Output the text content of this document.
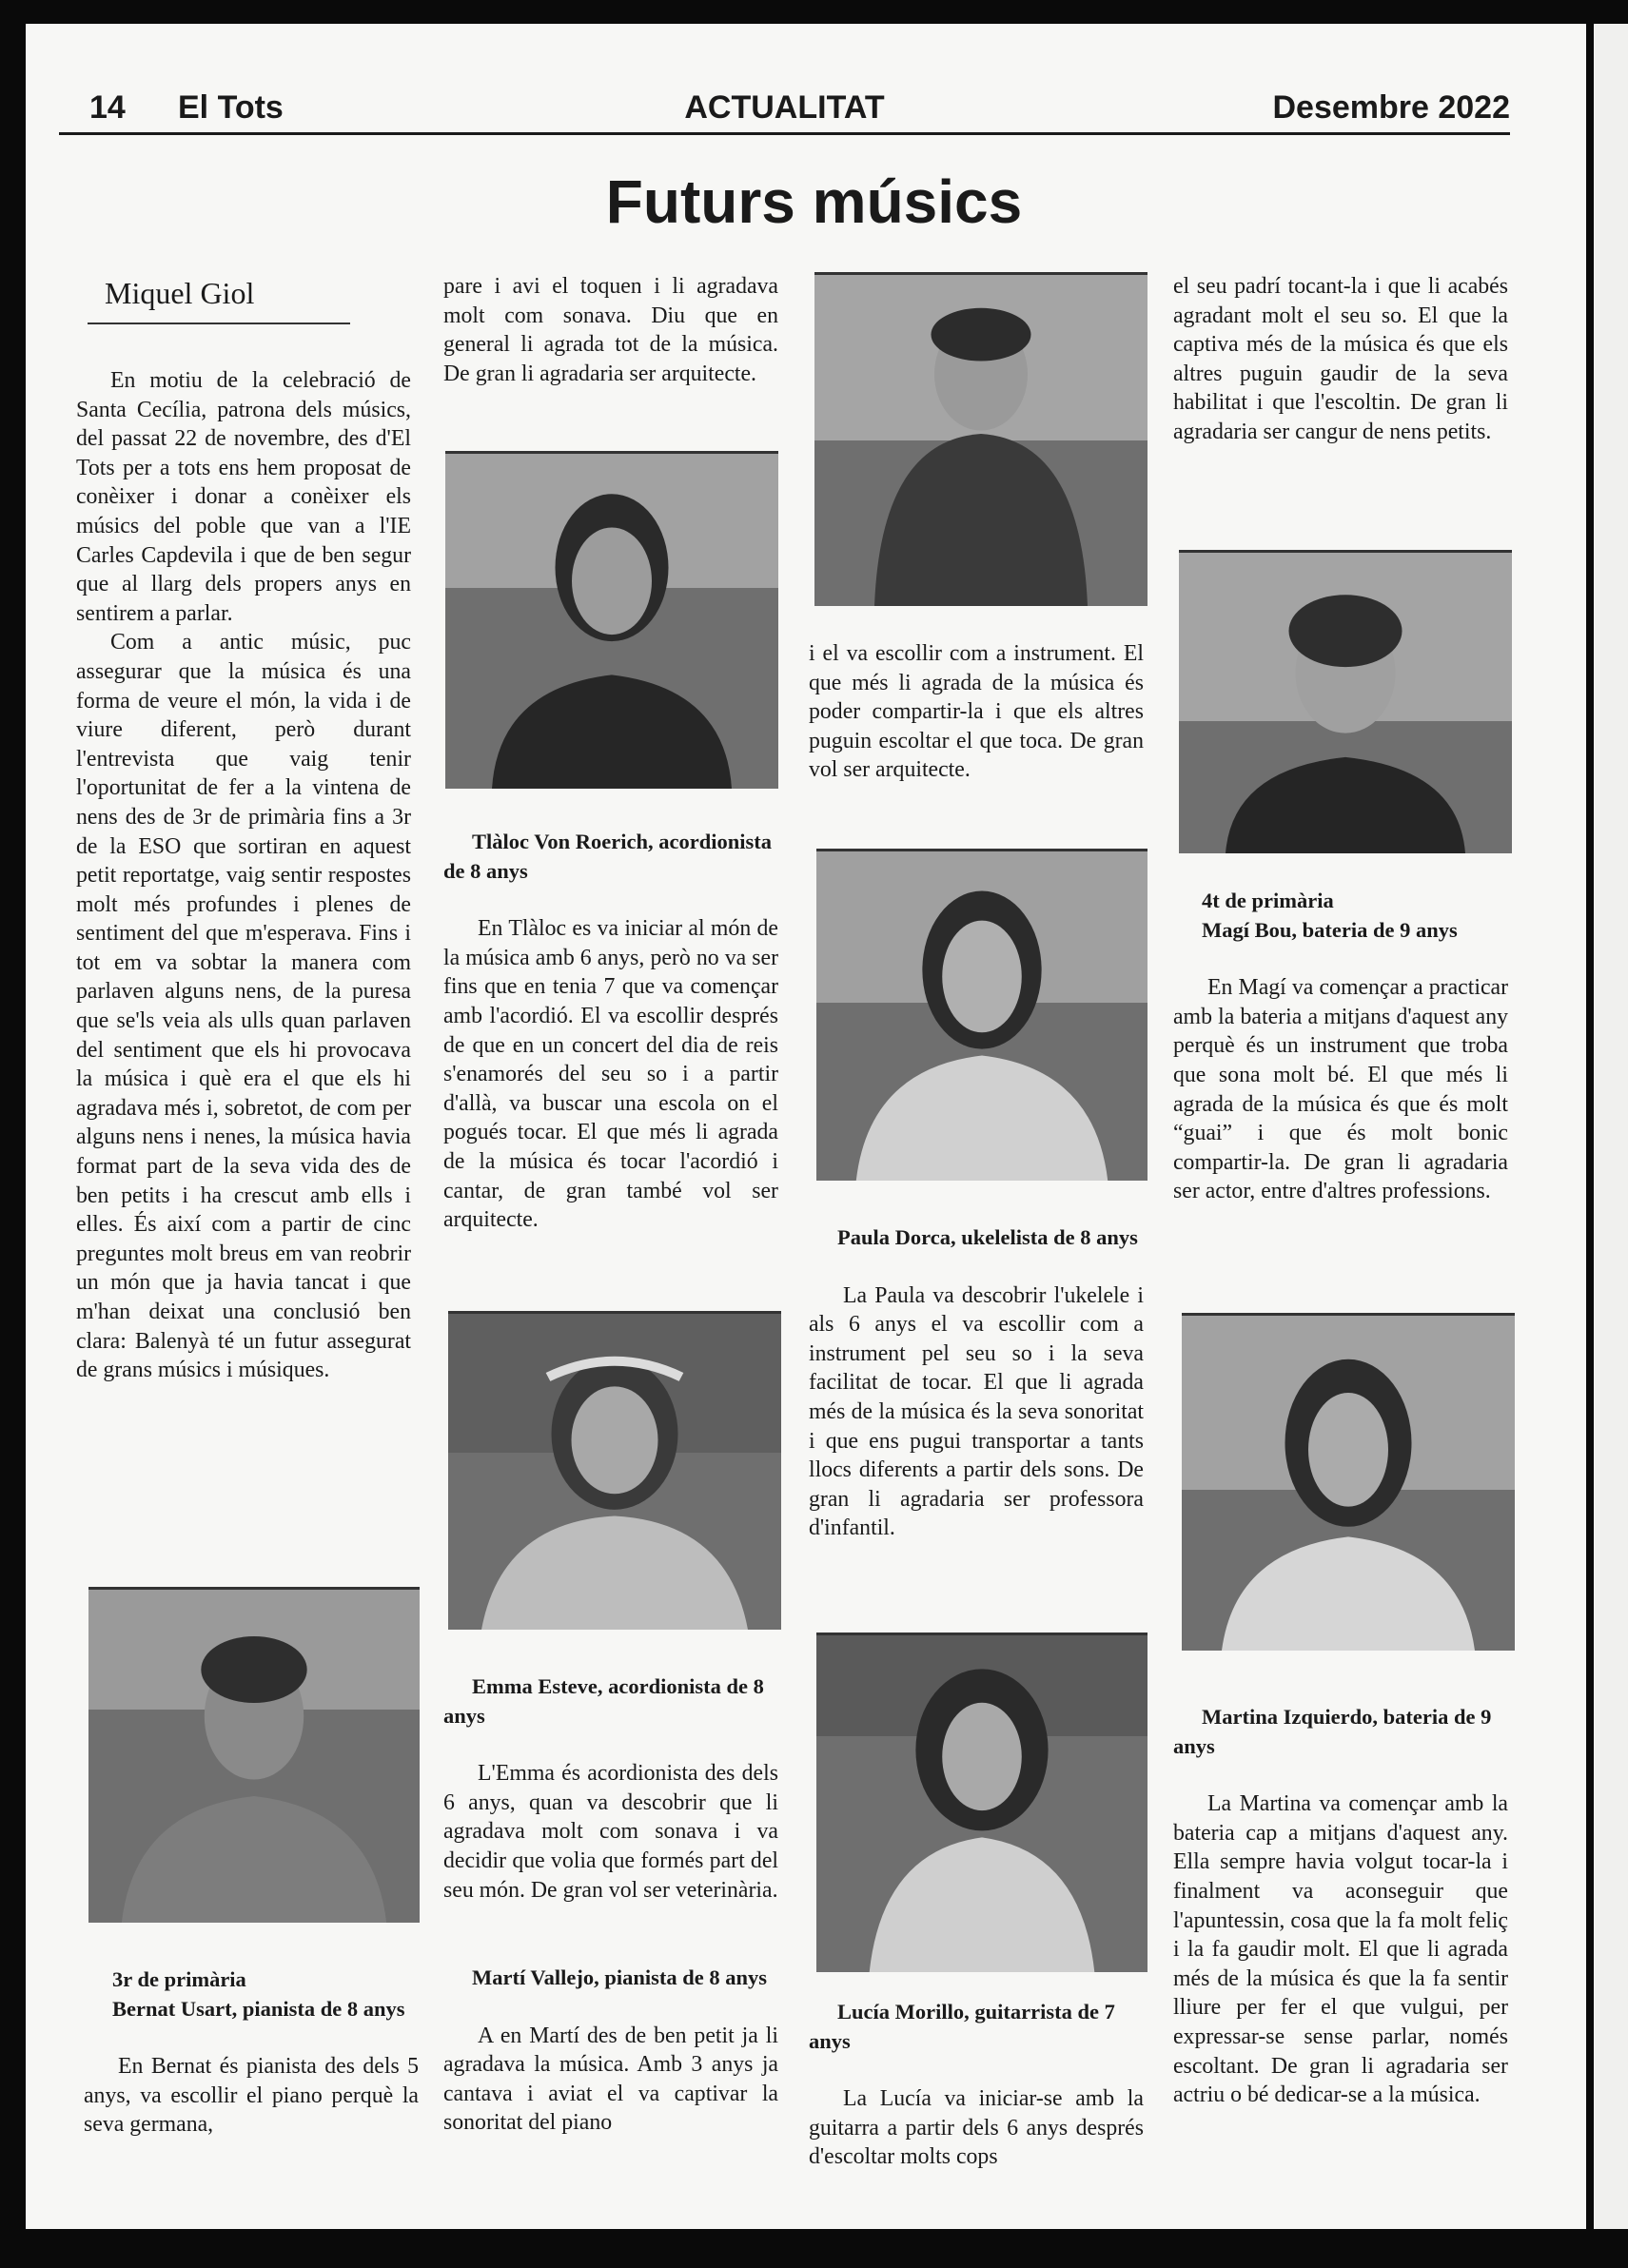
14 El Tots	ACTUALITAT	Desembre 2022
Futurs músics
Miquel Giol

En motiu de la celebració de Santa Cecília, patrona dels músics, del passat 22 de novembre, des d'El Tots per a tots ens hem proposat de conèixer i donar a conèixer els músics del poble que van a l'IE Carles Capdevila i que de ben segur que al llarg dels propers anys en sentirem a parlar.

Com a antic músic, puc assegurar que la música és una forma de veure el món, la vida i de viure diferent, però durant l'entrevista que vaig tenir l'oportunitat de fer a la vintena de nens des de 3r de primària fins a 3r de la ESO que sortiran en aquest petit reportatge, vaig sentir respostes molt més profundes i plenes de sentiment del que m'esperava. Fins i tot em va sobtar la manera com parlaven alguns nens, de la puresa que se'ls veia als ulls quan parlaven del sentiment que els hi provocava la música i què era el que els hi agradava més i, sobretot, de com per alguns nens i nenes, la música havia format part de la seva vida des de ben petits i ha crescut amb ells i elles. És així com a partir de cinc preguntes molt breus em van reobrir un món que ja havia tancat i que m'han deixat una conclusió ben clara: Balenyà té un futur assegurat de grans músics i músiques.

3r de primària

Bernat Usart, pianista de 8 anys

En Bernat és pianista des dels 5 anys, va escollir el piano perquè la seva germana,

pare i avi el toquen i li agradava molt com sonava. Diu que en general li agrada tot de la música. De gran li agradaria ser arquitecte.

Tlàloc Von Roerich, acordionista de 8 anys

En Tlàloc es va iniciar al món de la música amb 6 anys, però no va ser fins que en tenia 7 que va començar amb l'acordió. El va escollir després de que en un concert del dia de reis s'enamorés del seu so i a partir d'allà, va buscar una escola on el pogués tocar. El que més li agrada de la música és tocar l'acordió i cantar, de gran també vol ser arquitecte.

Emma Esteve, acordionista de 8 anys

L'Emma és acordionista des dels 6 anys, quan va descobrir que li agradava molt com sonava i va decidir que volia que formés part del seu món. De gran vol ser veterinària.

Martí Vallejo, pianista de 8 anys

A en Martí des de ben petit ja li agradava la música. Amb 3 anys ja cantava i aviat el va captivar la sonoritat del piano

i el va escollir com a instrument. El que més li agrada de la música és poder compartir-la i que els altres puguin escoltar el que toca. De gran vol ser arquitecte.

Paula Dorca, ukelelista de 8 anys

La Paula va descobrir l'ukelele i als 6 anys el va escollir com a instrument pel seu so i la seva facilitat de tocar. El que li agrada més de la música és la seva sonoritat i que ens pugui transportar a tants llocs diferents a partir dels sons. De gran li agradaria ser professora d'infantil.

Lucía Morillo, guitarrista de 7 anys

La Lucía va iniciar-se amb la guitarra a partir dels 6 anys després d'escoltar molts cops

el seu padrí tocant-la i que li acabés agradant molt el seu so. El que la captiva més de la música és que els altres puguin gaudir de la seva habilitat i que l'escoltin. De gran li agradaria ser cangur de nens petits.

4t de primària

Magí Bou, bateria de 9 anys

En Magí va començar a practicar amb la bateria a mitjans d'aquest any perquè és un instrument que troba que sona molt bé. El que més li agrada de la música és que és molt “guai” i que és molt bonic compartir-la. De gran li agradaria ser actor, entre d'altres professions.

Martina Izquierdo, bateria de 9 anys

La Martina va començar amb la bateria cap a mitjans d'aquest any. Ella sempre havia volgut tocar-la i finalment va aconseguir que l'apuntessin, cosa que la fa molt feliç i la fa gaudir molt. El que li agrada més de la música és que la fa sentir lliure per fer el que vulgui, per expressar-se sense parlar, només escoltant. De gran li agradaria ser actriu o bé dedicar-se a la música.
